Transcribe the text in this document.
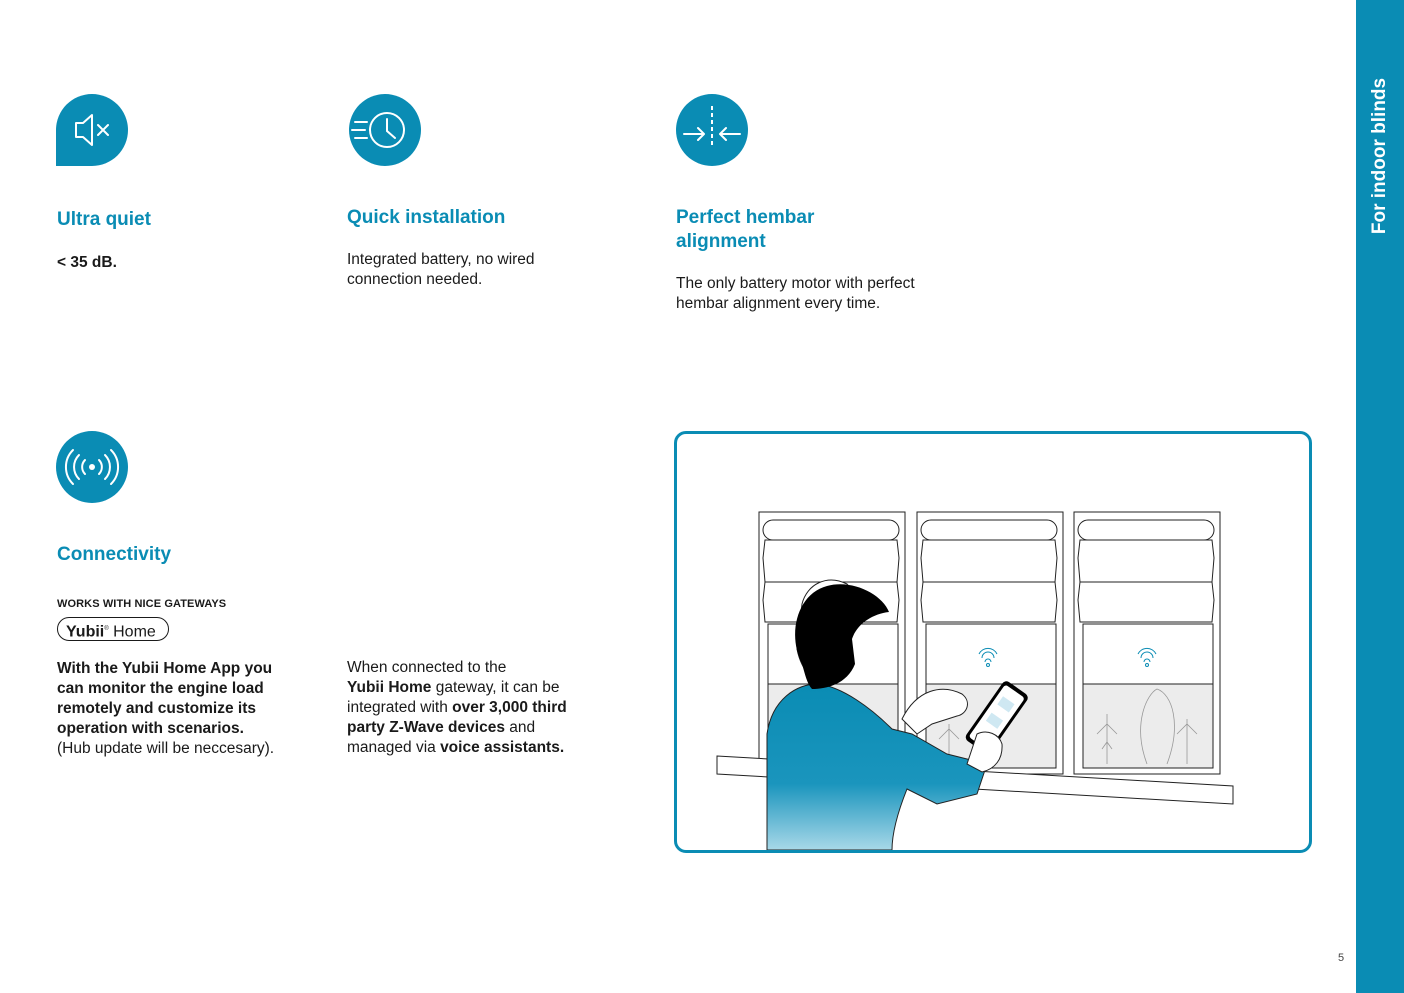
For indoor blinds
Ultra quiet
< 35 dB.
Quick installation
Integrated battery, no wired
connection needed.
Perfect hembar
alignment
The only battery motor with perfect
hembar alignment every time.
Connectivity
WORKS WITH NICE GATEWAYS
Yubii® Home
With the Yubii Home App you
can monitor the engine load
remotely and customize its
operation with scenarios.
(Hub update will be neccesary).
When connected to the
Yubii Home gateway, it can be
integrated with over 3,000 third
party Z-Wave devices and
managed via voice assistants.
5
